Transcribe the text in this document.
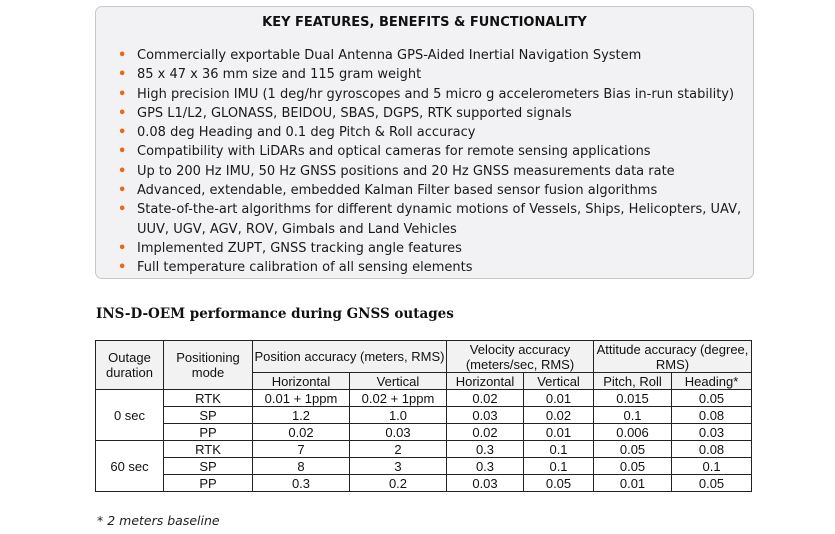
KEY FEATURES, BENEFITS & FUNCTIONALITY
• Commercially exportable Dual Antenna GPS-Aided Inertial Navigation System
• 85 x 47 x 36 mm size and 115 gram weight
• High precision IMU (1 deg/hr gyroscopes and 5 micro g accelerometers Bias in-run stability)
• GPS L1/L2, GLONASS, BEIDOU, SBAS, DGPS, RTK supported signals
• 0.08 deg Heading and 0.1 deg Pitch & Roll accuracy
• Compatibility with LiDARs and optical cameras for remote sensing applications
• Up to 200 Hz IMU, 50 Hz GNSS positions and 20 Hz GNSS measurements data rate
• Advanced, extendable, embedded Kalman Filter based sensor fusion algorithms
• State-of-the-art algorithms for different dynamic motions of Vessels, Ships, Helicopters, UAV, UUV, UGV, AGV, ROV, Gimbals and Land Vehicles
• Implemented ZUPT, GNSS tracking angle features
• Full temperature calibration of all sensing elements
INS-D-OEM performance during GNSS outages
Outage duration	Positioning mode	Position accuracy (meters, RMS)		Velocity accuracy (meters/sec, RMS)		Attitude accuracy (degree, RMS)	
		Horizontal	Vertical	Horizontal	Vertical	Pitch, Roll	Heading*
0 sec	RTK	0.01 + 1ppm	0.02 + 1ppm	0.02	0.01	0.015	0.05
	SP	1.2	1.0	0.03	0.02	0.1	0.08
	PP	0.02	0.03	0.02	0.01	0.006	0.03
60 sec	RTK	7	2	0.3	0.1	0.05	0.08
	SP	8	3	0.3	0.1	0.05	0.1
	PP	0.3	0.2	0.03	0.05	0.01	0.05
* 2 meters baseline
